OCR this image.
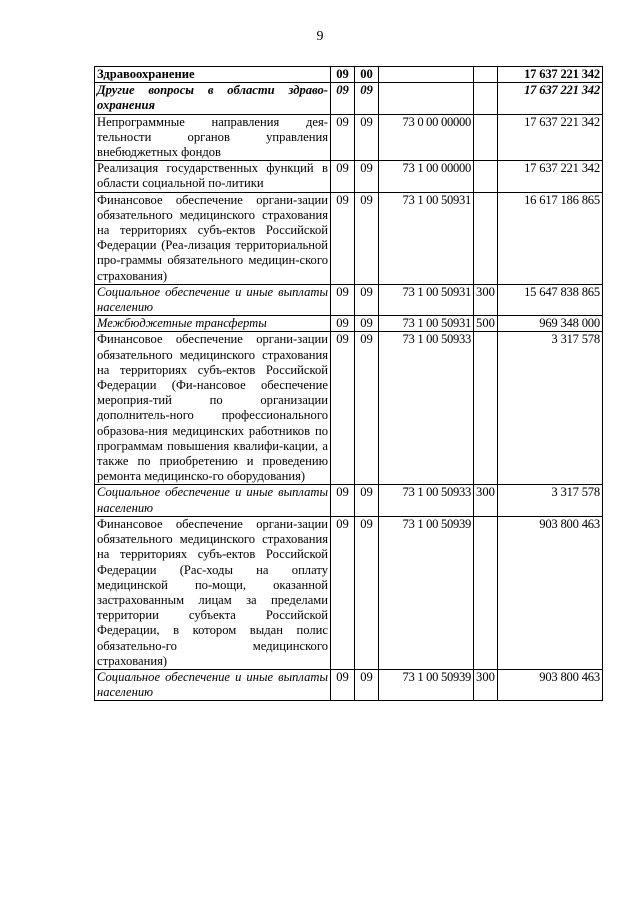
9
Здравоохранение	09	00			17 637 221 342
Другие вопросы в области здраво-охранения	09	09			17 637 221 342
Непрограммные направления дея-тельности органов управления внебюджетных фондов	09	09	73 0 00 00000		17 637 221 342
Реализация государственных функций в области социальной по-литики	09	09	73 1 00 00000		17 637 221 342
Финансовое обеспечение органи-зации обязательного медицинского страхования на территориях субъ-ектов Российской Федерации (Реа-лизация территориальной про-граммы обязательного медицин-ского страхования)	09	09	73 1 00 50931		16 617 186 865
Социальное обеспечение и иные выплаты населению	09	09	73 1 00 50931	300	15 647 838 865
Межбюджетные трансферты	09	09	73 1 00 50931	500	969 348 000
Финансовое обеспечение органи-зации обязательного медицинского страхования на территориях субъ-ектов Российской Федерации (Фи-нансовое обеспечение мероприя-тий по организации дополнитель-ного профессионального образова-ния медицинских работников по программам повышения квалифи-кации, а также по приобретению и проведению ремонта медицинско-го оборудования)	09	09	73 1 00 50933		3 317 578
Социальное обеспечение и иные выплаты населению	09	09	73 1 00 50933	300	3 317 578
Финансовое обеспечение органи-зации обязательного медицинского страхования на территориях субъ-ектов Российской Федерации (Рас-ходы на оплату медицинской по-мощи, оказанной застрахованным лицам за пределами территории субъекта Российской Федерации, в котором выдан полис обязательно-го медицинского страхования)	09	09	73 1 00 50939		903 800 463
Социальное обеспечение и иные выплаты населению	09	09	73 1 00 50939	300	903 800 463
